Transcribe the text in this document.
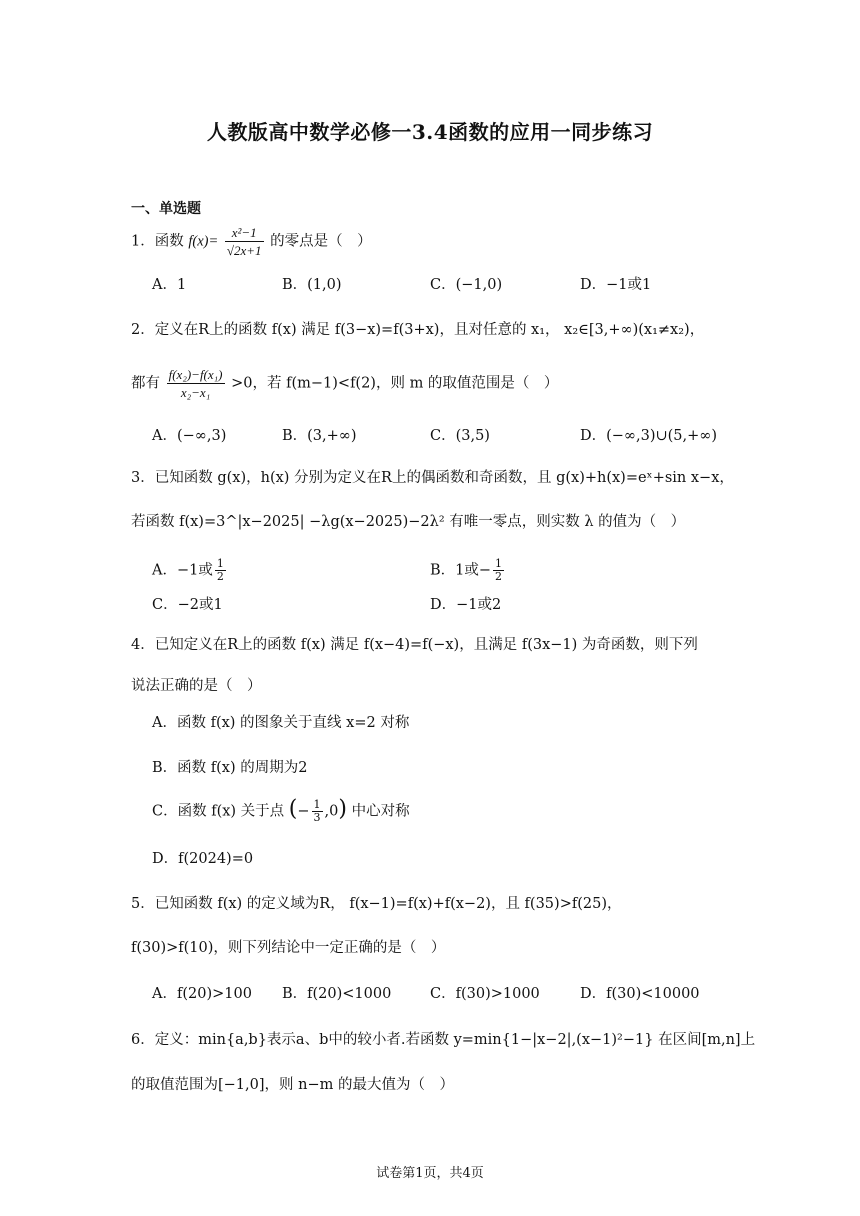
人教版高中数学必修一3.4函数的应用一同步练习
一、单选题
1．函数 $f(x)= \frac{\text{x²−1}}{√2x+1}$ 的零点是（　）
A．1	B．(1,0)	C．(−1,0)	D．−1或1
2．定义在R上的函数 f(x) 满足 f(3−x)=f(3+x)，且对任意的 x₁， x₂∈[3,+∞)(x₁≠x₂)，
都有 $\frac{\text{f(x₂)−f(x₁)}}{\text{x₂−x₁}} >0$，若 f(m−1)<f(2)，则 m 的取值范围是（　）
A．(−∞,3)	B．(3,+∞)	C．(3,5)	D．(−∞,3)∪(5,+∞)
3．已知函数 g(x)，h(x) 分别为定义在R上的偶函数和奇函数，且 g(x)+h(x)=eˣ+sin x−x，
若函数 f(x)=3^|x−2025| −λg(x−2025)−2λ² 有唯一零点，则实数 λ 的值为（　）
A．−1或 $\frac{1}{2}$	B．1或− $\frac{1}{2}$
C．−2或1	D．−1或2
4．已知定义在R上的函数 f(x) 满足 f(x−4)=f(−x)，且满足 f(3x−1) 为奇函数，则下列
说法正确的是（　）
A．函数 f(x) 的图象关于直线 x=2 对称
B．函数 f(x) 的周期为2
C．函数 f(x) 关于点 (− $\frac{1}{3} ,0$) 中心对称
D．f(2024)=0
5．已知函数 f(x) 的定义域为R， f(x−1)=f(x)+f(x−2)，且 f(35)>f(25)，
f(30)>f(10)，则下列结论中一定正确的是（　）
A．f(20)>100 B．f(20)<1000	C．f(30)>1000	D．f(30)<10000
6．定义：min{a,b}表示a、b中的较小者.若函数 y=min{1−|x−2|,(x−1)²−1} 在区间[m,n]上
的取值范围为[−1,0]，则 n−m 的最大值为（　）
试卷第1页，共4页
